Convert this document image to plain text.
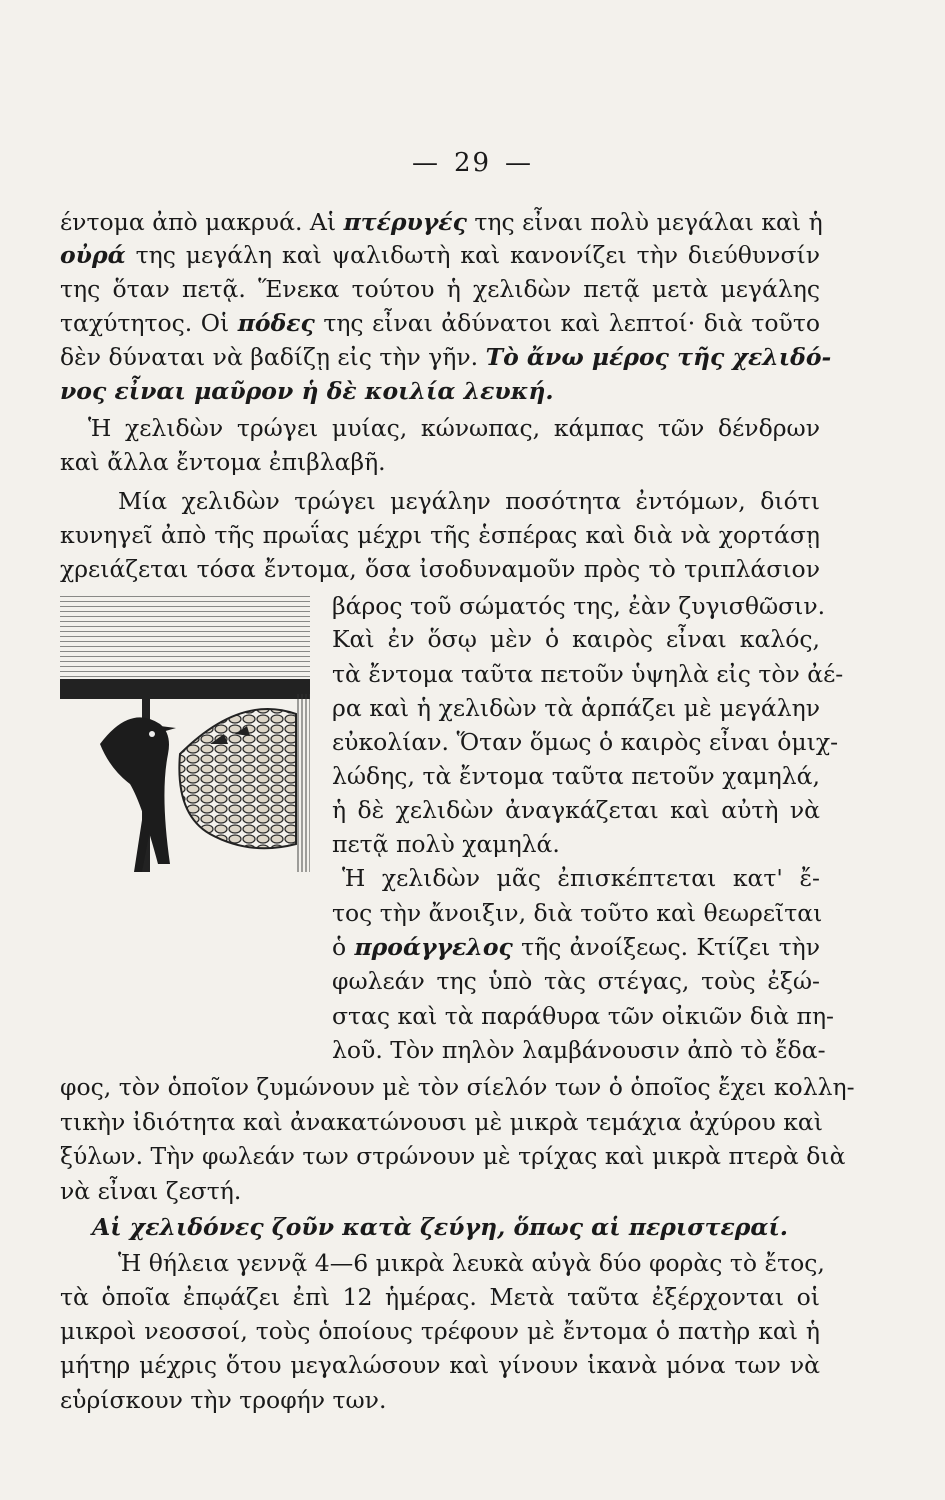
— 29 —
έντομα ἀπὸ μακρυά. Αἱ πτέρυγές της εἶναι πολὺ μεγάλαι καὶ ἡ
οὐρά της μεγάλη καὶ ψαλιδωτὴ καὶ κανονίζει τὴν διεύθυνσίν
της ὅταν πετᾷ. Ἕνεκα τούτου ἡ χελιδὼν πετᾷ μετὰ μεγάλης
ταχύτητος. Οἱ πόδες της εἶναι ἀδύνατοι καὶ λεπτοί· διὰ τοῦτο
δὲν δύναται νὰ βαδίζῃ εἰς τὴν γῆν. Τὸ ἄνω μέρος τῆς χελιδό-
νος εἶναι μαῦρον ἡ δὲ κοιλία λευκή.
Ἡ χελιδὼν τρώγει μυίας, κώνωπας, κάμπας τῶν δένδρων
καὶ ἄλλα ἔντομα ἐπιβλαβῆ.
Μία χελιδὼν τρώγει μεγάλην ποσότητα ἐντόμων, διότι
κυνηγεῖ ἀπὸ τῆς πρωΐας μέχρι τῆς ἑσπέρας καὶ διὰ νὰ χορτάσῃ
χρειάζεται τόσα ἔντομα, ὅσα ἰσοδυναμοῦν πρὸς τὸ τριπλάσιον
βάρος τοῦ σώματός της, ἐὰν ζυγισθῶσιν.
Καὶ ἐν ὅσῳ μὲν ὁ καιρὸς εἶναι καλός,
τὰ ἔντομα ταῦτα πετοῦν ὑψηλὰ εἰς τὸν ἀέ-
ρα καὶ ἡ χελιδὼν τὰ ἁρπάζει μὲ μεγάλην
εὐκολίαν. Ὅταν ὅμως ὁ καιρὸς εἶναι ὁμιχ-
λώδης, τὰ ἔντομα ταῦτα πετοῦν χαμηλά,
ἡ δὲ χελιδὼν ἀναγκάζεται καὶ αὐτὴ νὰ
πετᾷ πολὺ χαμηλά.
Ἡ χελιδὼν μᾶς ἐπισκέπτεται κατ' ἔ-
τος τὴν ἄνοιξιν, διὰ τοῦτο καὶ θεωρεῖται
ὁ προάγγελος τῆς ἀνοίξεως. Κτίζει τὴν
φωλεάν της ὑπὸ τὰς στέγας, τοὺς ἐξώ-
στας καὶ τὰ παράθυρα τῶν οἰκιῶν διὰ πη-
λοῦ. Τὸν πηλὸν λαμβάνουσιν ἀπὸ τὸ ἔδα-
φος, τὸν ὁποῖον ζυμώνουν μὲ τὸν σίελόν των ὁ ὁποῖος ἔχει κολλη-
τικὴν ἰδιότητα καὶ ἀνακατώνουσι μὲ μικρὰ τεμάχια ἀχύρου καὶ
ξύλων. Τὴν φωλεάν των στρώνουν μὲ τρίχας καὶ μικρὰ πτερὰ διὰ
νὰ εἶναι ζεστή.
Αἱ χελιδόνες ζοῦν κατὰ ζεύγη, ὅπως αἱ περιστεραί.
Ἡ θήλεια γεννᾷ 4—6 μικρὰ λευκὰ αὐγὰ δύο φορὰς τὸ ἔτος,
τὰ ὁποῖα ἐπῳάζει ἐπὶ 12 ἡμέρας. Μετὰ ταῦτα ἐξέρχονται οἱ
μικροὶ νεοσσοί, τοὺς ὁποίους τρέφουν μὲ ἔντομα ὁ πατὴρ καὶ ἡ
μήτηρ μέχρις ὅτου μεγαλώσουν καὶ γίνουν ἱκανὰ μόνα των νὰ
εὑρίσκουν τὴν τροφήν των.
